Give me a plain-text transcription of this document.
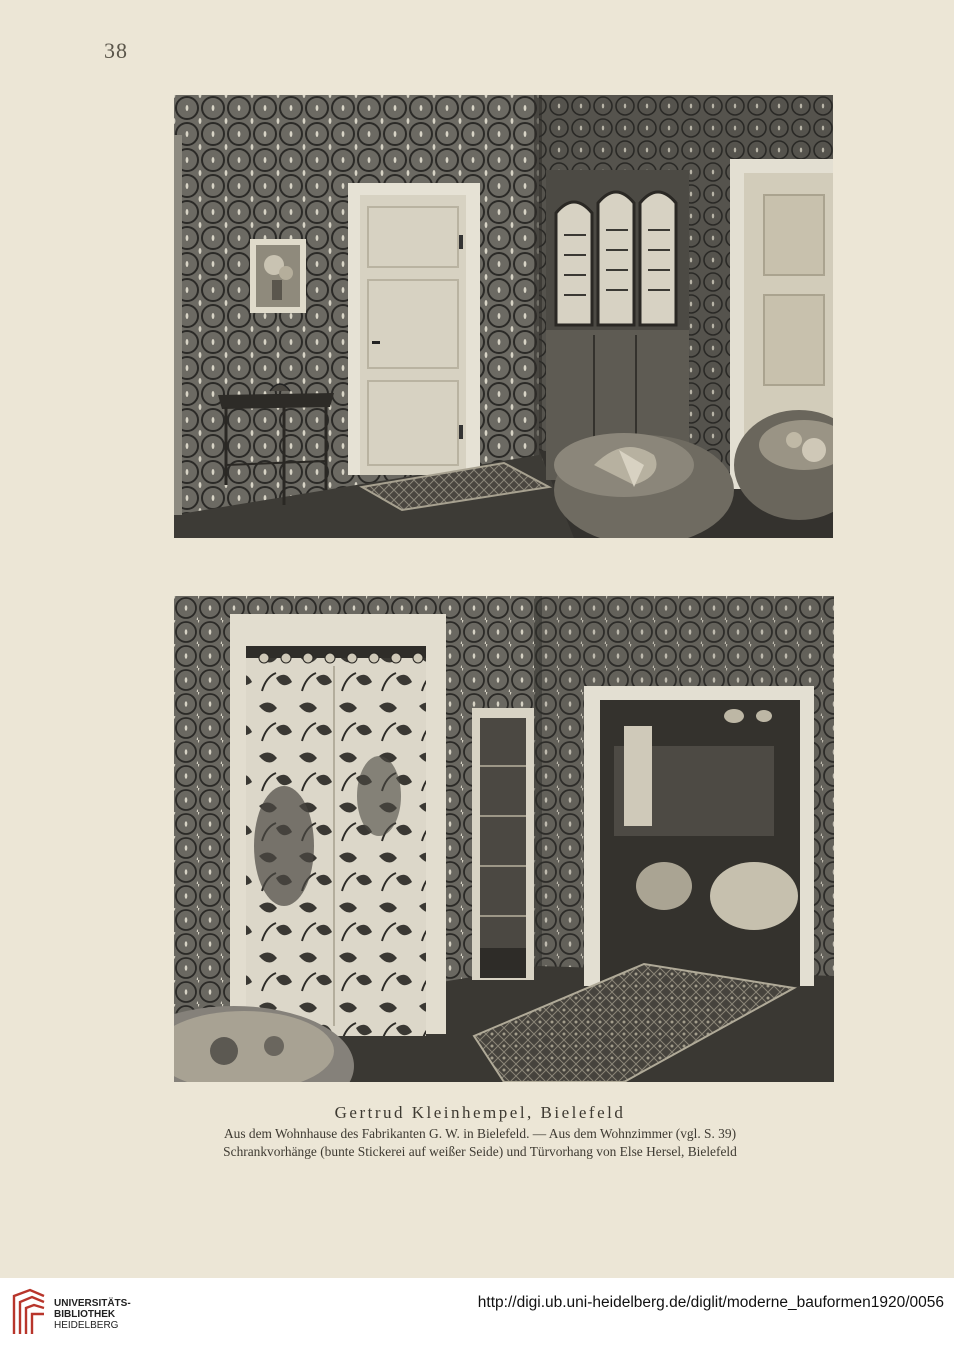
38
Gertrud Kleinhempel, Bielefeld
Aus dem Wohnhause des Fabrikanten G. W. in Bielefeld. — Aus dem Wohnzimmer (vgl. S. 39)
Schrankvorhänge (bunte Stickerei auf weißer Seide) und Türvorhang von Else Hersel, Bielefeld
UNIVERSITÄTS-
BIBLIOTHEK
HEIDELBERG
http://digi.ub.uni-heidelberg.de/diglit/moderne_bauformen1920/0056
